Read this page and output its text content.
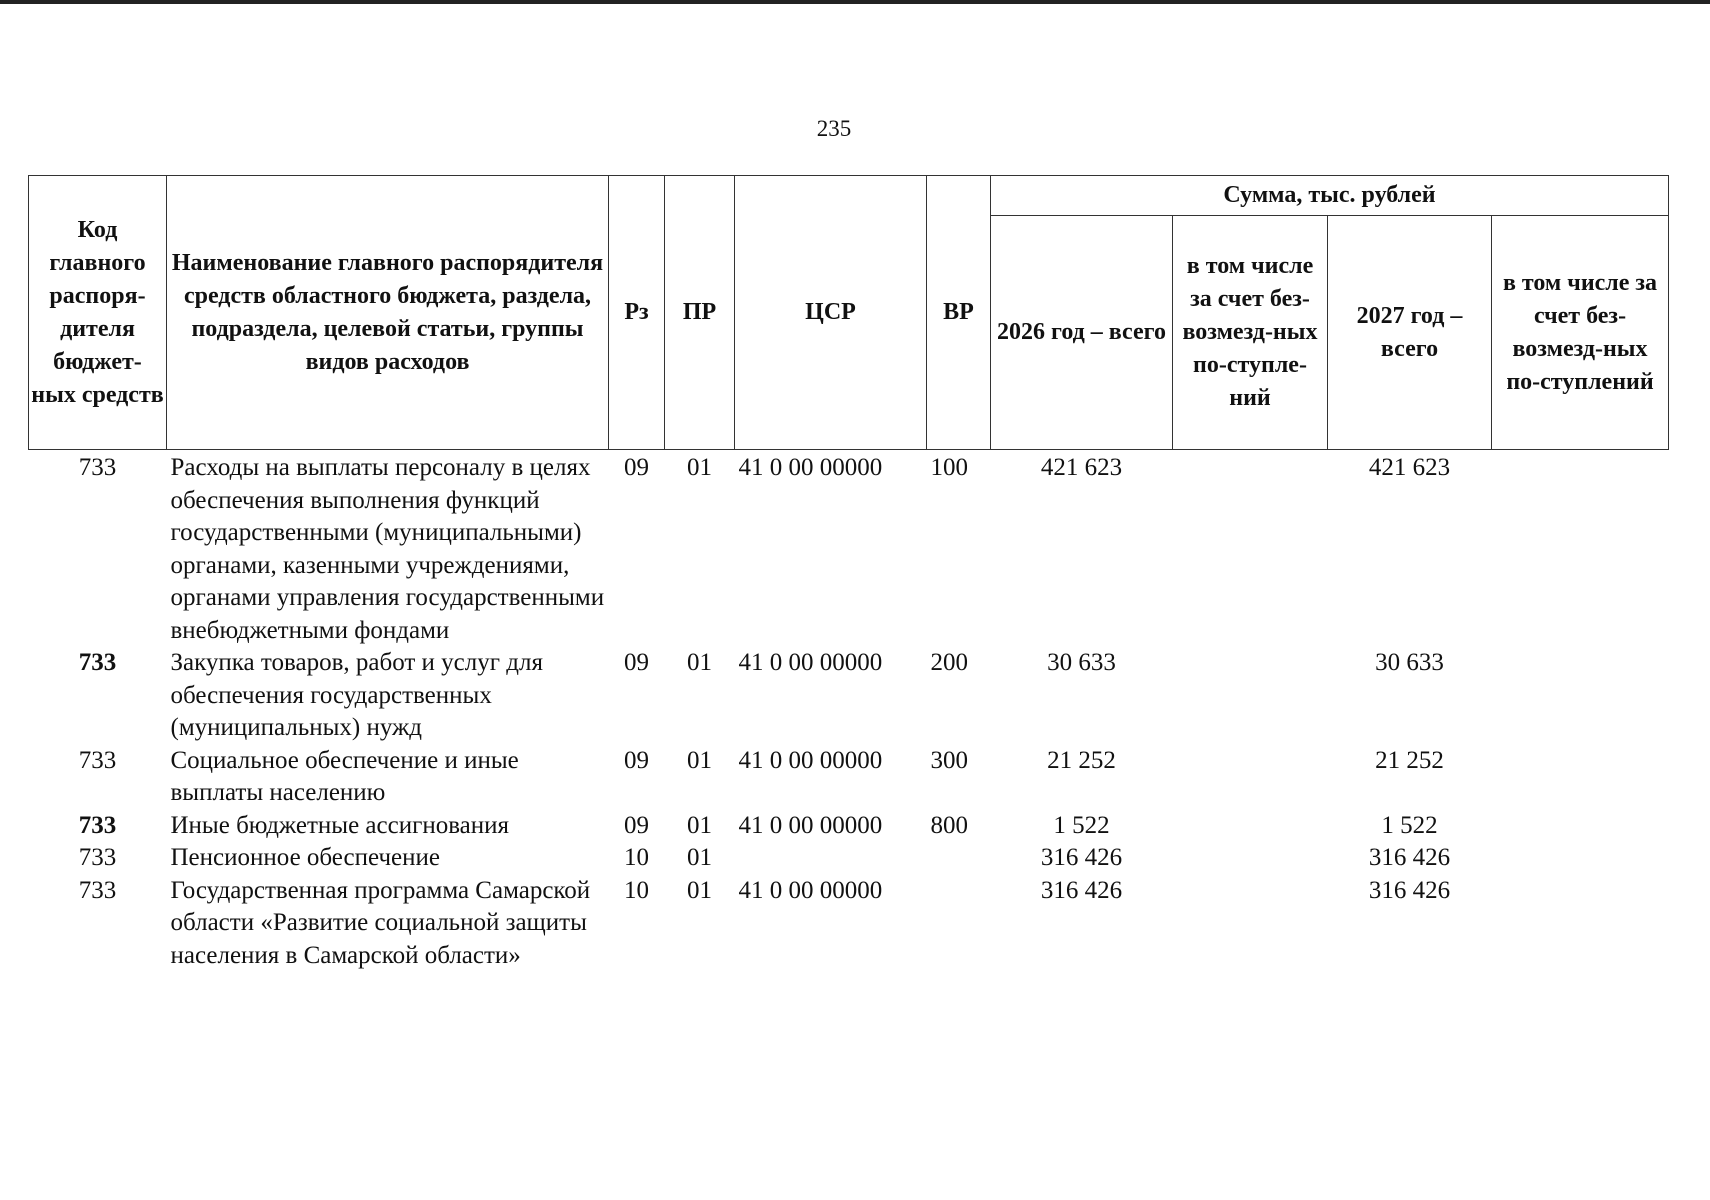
235
Код главного распоря-дителя бюджет-ных средств	Наименование главного распорядителя средств областного бюджета, раздела, подраздела, целевой статьи, группы видов расходов	Рз	ПР	ЦСР	ВР	Сумма, тыс. рублей			
						2026 год – всего	в том числе за счет без-возмезд-ных по-ступле-ний	2027 год – всего	в том числе за счет без-возмезд-ных по-ступлений
733	Расходы на выплаты персоналу в целях обеспечения выполнения функций государственными (муниципальными) органами, казенными учреждениями, органами управления государственными внебюджетными фондами	09	01	41 0 00 00000	100	421 623		421 623	
733	Закупка товаров, работ и услуг для обеспечения государственных (муниципальных) нужд	09	01	41 0 00 00000	200	30 633		30 633	
733	Социальное обеспечение и иные выплаты населению	09	01	41 0 00 00000	300	21 252		21 252	
733	Иные бюджетные ассигнования	09	01	41 0 00 00000	800	1 522		1 522	
733	Пенсионное обеспечение	10	01			316 426		316 426	
733	Государственная программа Самарской области «Развитие социальной защиты населения в Самарской области»	10	01	41 0 00 00000		316 426		316 426	
